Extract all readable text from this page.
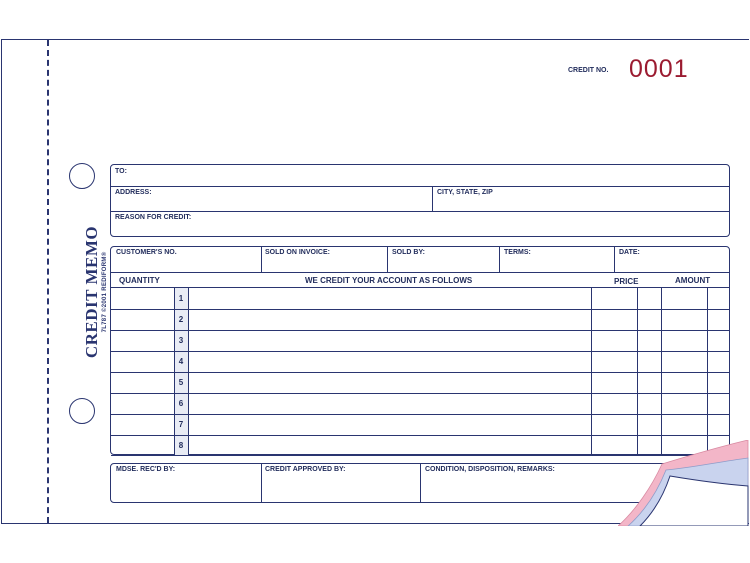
CREDIT MEMO 7L787 ©2001 REDIFORM®
CREDIT NO. 0001
TO:
ADDRESS:	CITY, STATE, ZIP
REASON FOR CREDIT:
CUSTOMER'S NO.	SOLD ON INVOICE:	SOLD BY:	TERMS:	DATE:
QUANTITY	WE CREDIT YOUR ACCOUNT AS FOLLOWS	PRICE	AMOUNT
1
2
3
4
5
6
7
8
MDSE. REC'D BY:	CREDIT APPROVED BY:	CONDITION, DISPOSITION, REMARKS:
